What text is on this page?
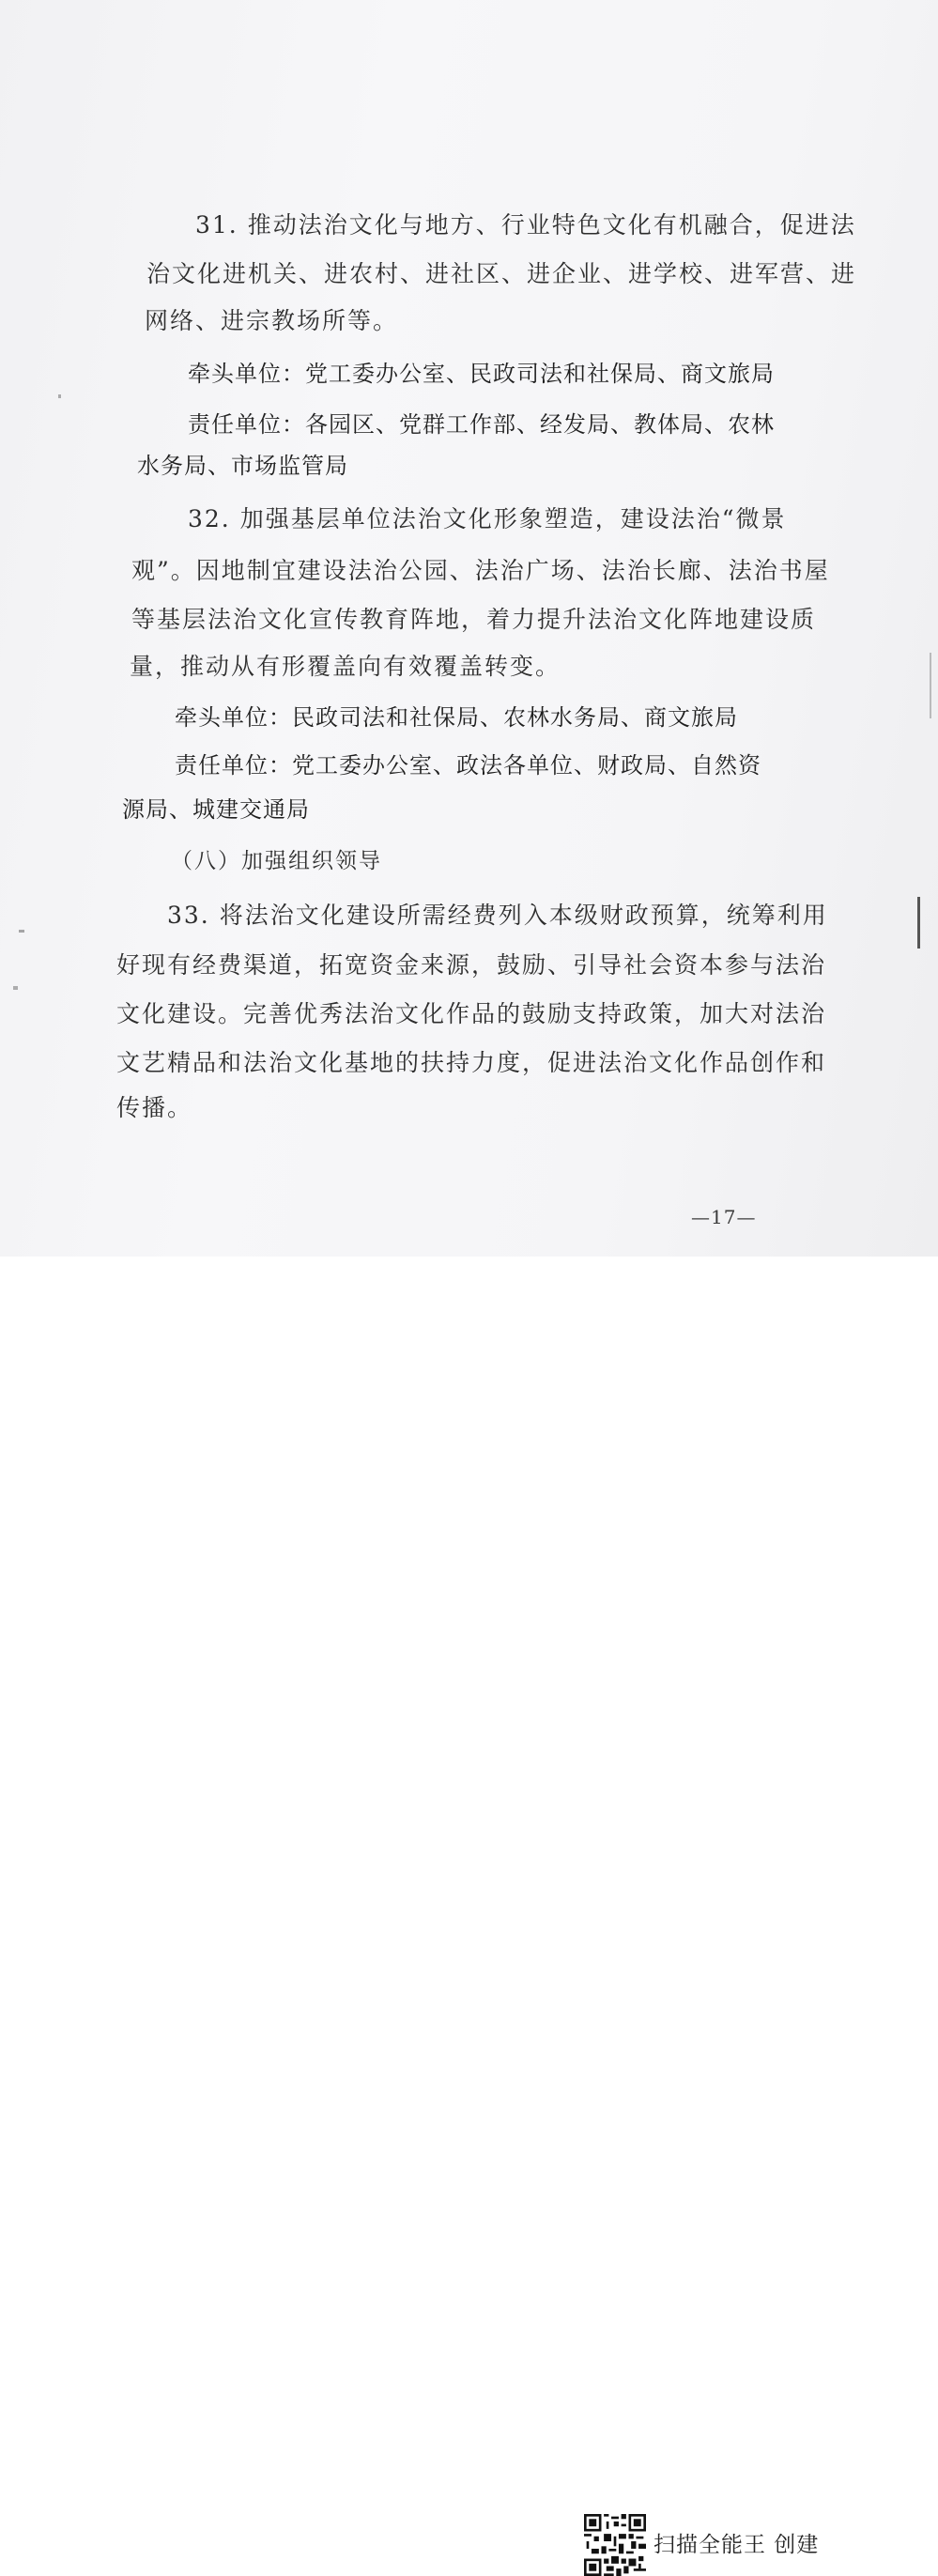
31. 推动法治文化与地方、行业特色文化有机融合，促进法
治文化进机关、进农村、进社区、进企业、进学校、进军营、进
网络、进宗教场所等。
牵头单位：党工委办公室、民政司法和社保局、商文旅局
责任单位：各园区、党群工作部、经发局、教体局、农林
水务局、市场监管局
32. 加强基层单位法治文化形象塑造，建设法治“微景
观”。因地制宜建设法治公园、法治广场、法治长廊、法治书屋
等基层法治文化宣传教育阵地，着力提升法治文化阵地建设质
量，推动从有形覆盖向有效覆盖转变。
牵头单位：民政司法和社保局、农林水务局、商文旅局
责任单位：党工委办公室、政法各单位、财政局、自然资
源局、城建交通局
（八）加强组织领导
33. 将法治文化建设所需经费列入本级财政预算，统筹利用
好现有经费渠道，拓宽资金来源，鼓励、引导社会资本参与法治
文化建设。完善优秀法治文化作品的鼓励支持政策，加大对法治
文艺精品和法治文化基地的扶持力度，促进法治文化作品创作和
传播。
—17—
扫描全能王 创建
